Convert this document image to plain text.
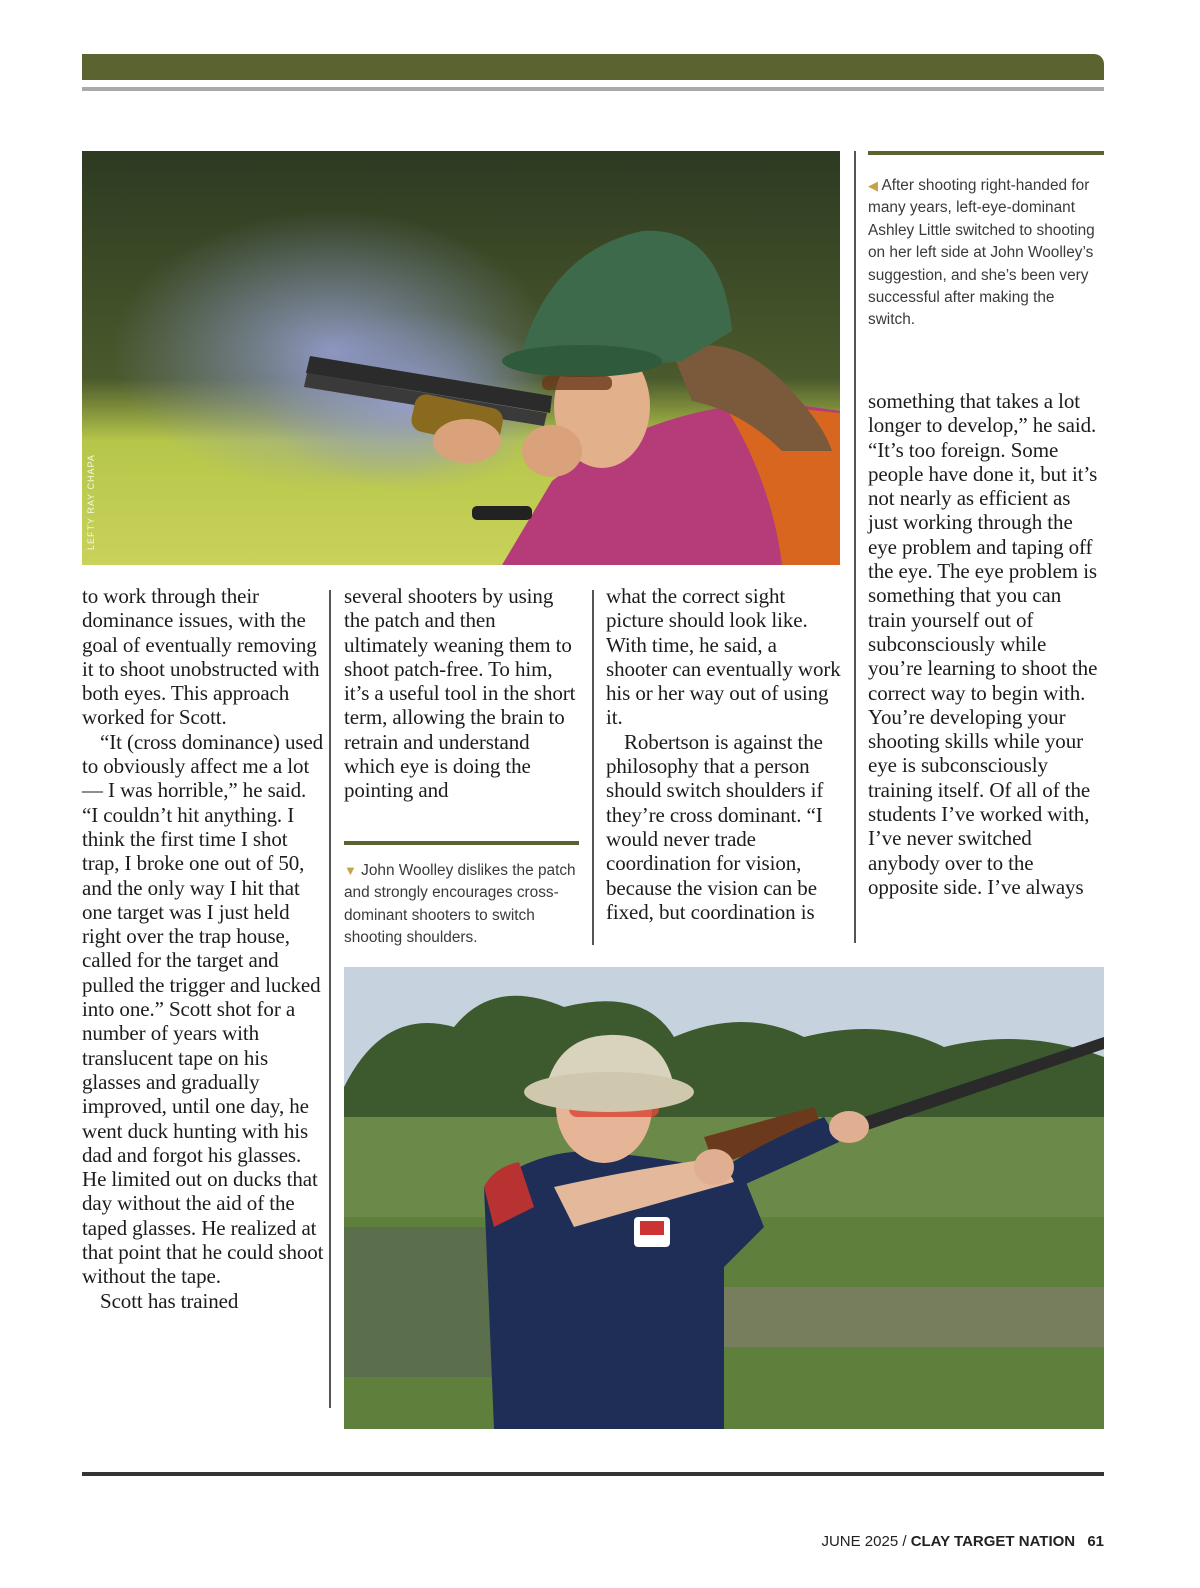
LEFTY RAY CHAPA
◀ After shooting right-handed for many years, left-eye-dominant Ashley Little switched to shooting on her left side at John Woolley’s suggestion, and she’s been very successful after making the switch.

to work through their dominance issues, with the goal of eventually removing it to shoot unobstructed with both eyes. This approach worked for Scott.

“It (cross dominance) used to obviously affect me a lot — I was horrible,” he said. “I couldn’t hit anything. I think the first time I shot trap, I broke one out of 50, and the only way I hit that one target was I just held right over the trap house, called for the target and pulled the trigger and lucked into one.” Scott shot for a number of years with translucent tape on his glasses and gradually improved, until one day, he went duck hunting with his dad and forgot his glasses. He limited out on ducks that day without the aid of the taped glasses. He realized at that point that he could shoot without the tape.

Scott has trained

several shooters by using the patch and then ultimately weaning them to shoot patch-free. To him, it’s a useful tool in the short term, allowing the brain to retrain and understand which eye is doing the pointing and

▼ John Woolley dislikes the patch and strongly encourages cross-dominant shooters to switch shooting shoulders.

what the correct sight picture should look like. With time, he said, a shooter can eventually work his or her way out of using it.

Robertson is against the philosophy that a person should switch shoulders if they’re cross dominant. “I would never trade coordination for vision, because the vision can be fixed, but coordination is

something that takes a lot longer to develop,” he said. “It’s too foreign. Some people have done it, but it’s not nearly as efficient as just working through the eye problem and taping off the eye. The eye problem is something that you can train yourself out of subconsciously while you’re learning to shoot the correct way to begin with. You’re developing your shooting skills while your eye is subconsciously training itself. Of all of the students I’ve worked with, I’ve never switched anybody over to the opposite side. I’ve always

JUNE 2025 / CLAY TARGET NATION 61
